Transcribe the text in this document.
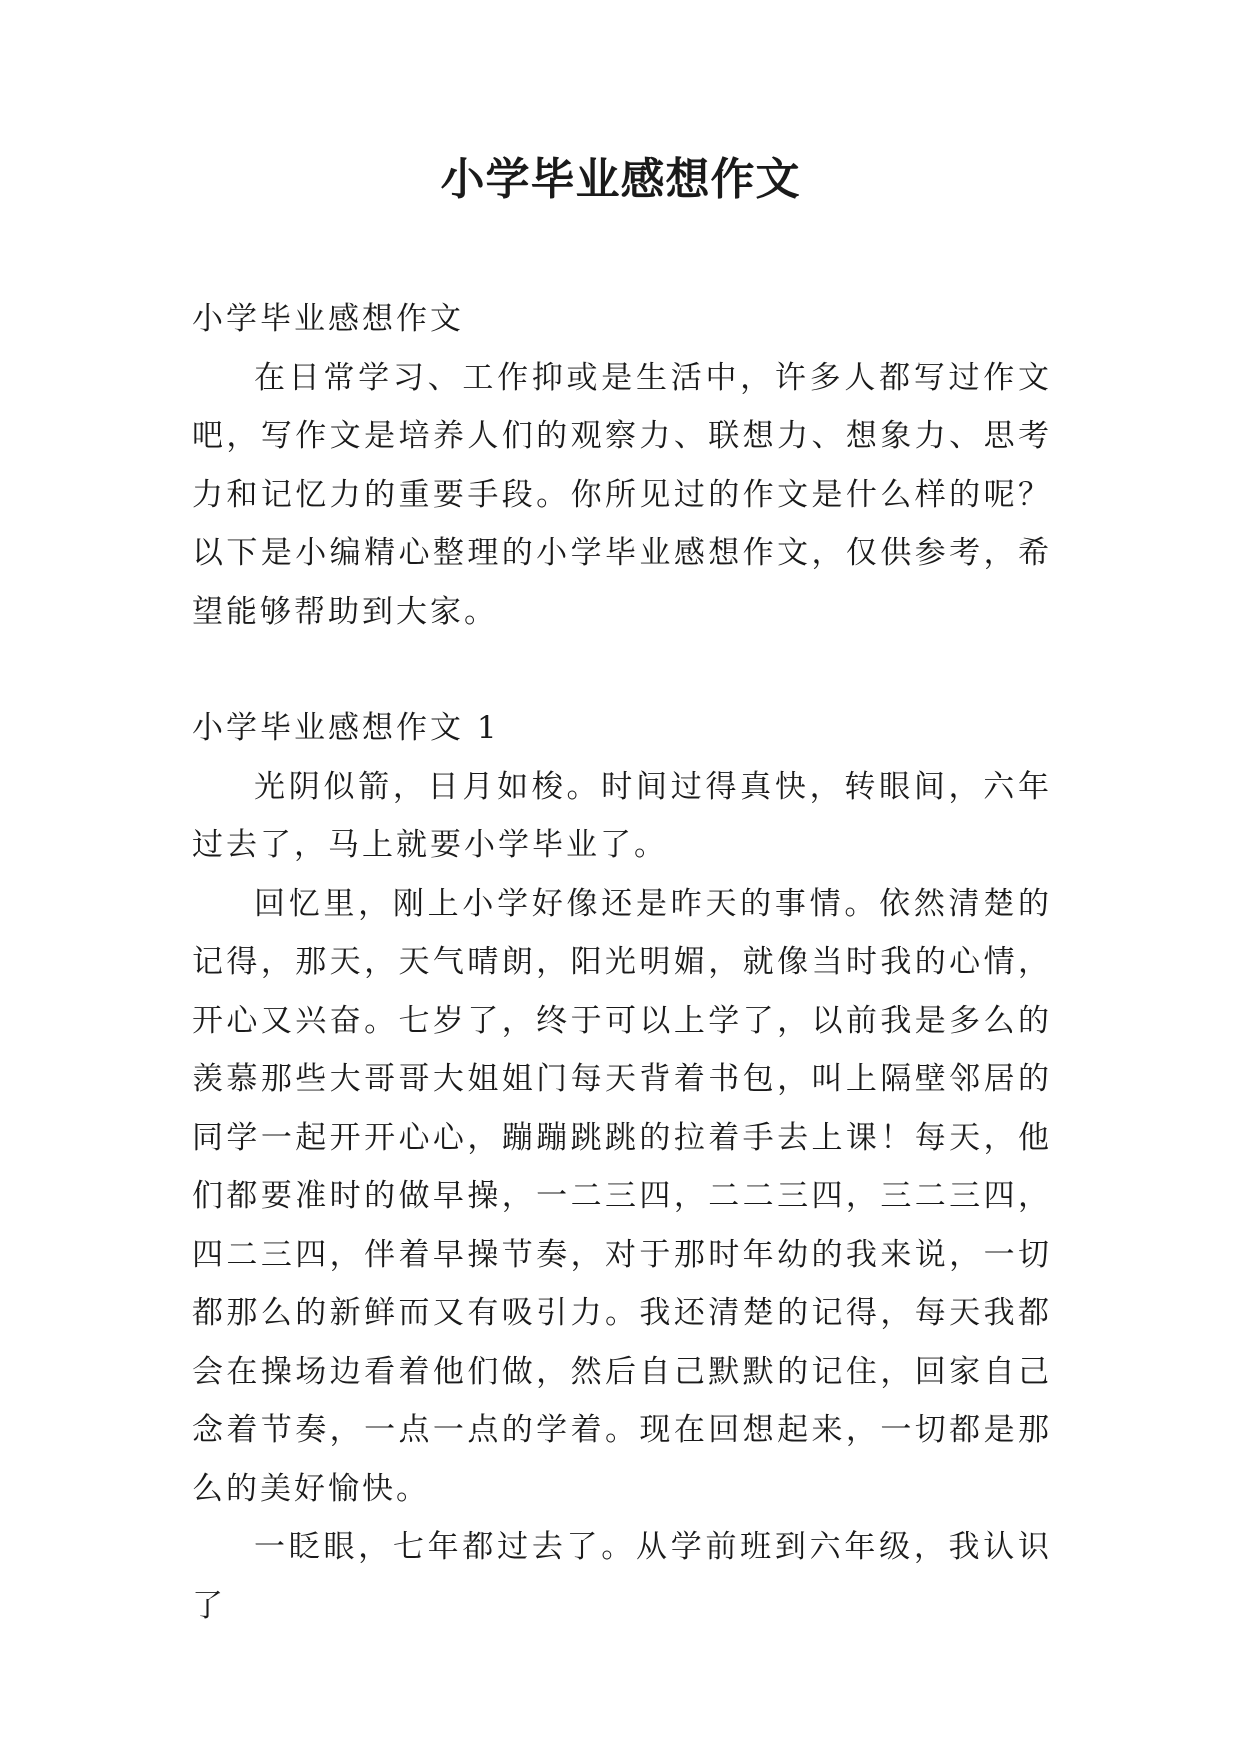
小学毕业感想作文

小学毕业感想作文

在日常学习、工作抑或是生活中，许多人都写过作文吧，写作文是培养人们的观察力、联想力、想象力、思考力和记忆力的重要手段。你所见过的作文是什么样的呢？以下是小编精心整理的小学毕业感想作文，仅供参考，希望能够帮助到大家。

小学毕业感想作文 1

光阴似箭，日月如梭。时间过得真快，转眼间，六年过去了，马上就要小学毕业了。

回忆里，刚上小学好像还是昨天的事情。依然清楚的记得，那天，天气晴朗，阳光明媚，就像当时我的心情，开心又兴奋。七岁了，终于可以上学了，以前我是多么的羡慕那些大哥哥大姐姐门每天背着书包，叫上隔壁邻居的同学一起开开心心，蹦蹦跳跳的拉着手去上课！每天，他们都要准时的做早操，一二三四，二二三四，三二三四，四二三四，伴着早操节奏，对于那时年幼的我来说，一切都那么的新鲜而又有吸引力。我还清楚的记得，每天我都会在操场边看着他们做，然后自己默默的记住，回家自己念着节奏，一点一点的学着。现在回想起来，一切都是那么的美好愉快。

一眨眼，七年都过去了。从学前班到六年级，我认识了
